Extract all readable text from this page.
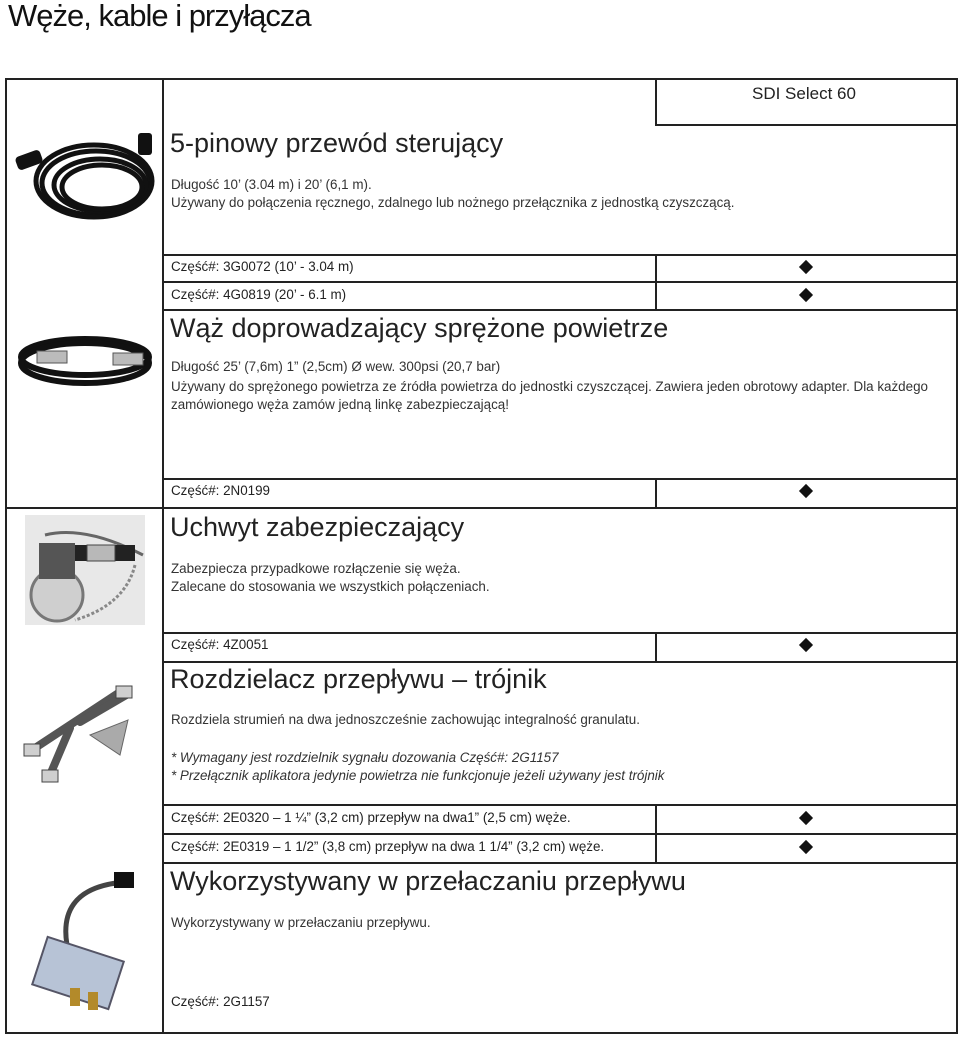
Węże, kable i przyłącza
SDI Select 60
5-pinowy przewód sterujący
Długość 10’ (3.04 m) i 20’ (6,1 m).
Używany do połączenia ręcznego, zdalnego lub nożnego przełącznika z jednostką czyszczącą.
Część#: 3G0072 (10’ - 3.04 m)
Część#: 4G0819 (20’ - 6.1 m)
Wąż doprowadzający sprężone powietrze
Długość 25’ (7,6m) 1” (2,5cm) Ø wew. 300psi (20,7 bar)
Używany do sprężonego powietrza ze źródła powietrza do jednostki czyszczącej. Zawiera jeden obrotowy adapter. Dla każdego zamówionego węża zamów jedną linkę zabezpieczającą!
Część#: 2N0199
Uchwyt zabezpieczający
Zabezpiecza przypadkowe rozłączenie się węża.
Zalecane do stosowania we wszystkich połączeniach.
Część#: 4Z0051
Rozdzielacz przepływu – trójnik
Rozdziela strumień na dwa jednoszcześnie zachowując integralność granulatu.
* Wymagany jest rozdzielnik sygnału dozowania Część#: 2G1157
* Przełącznik aplikatora jedynie powietrza nie funkcjonuje jeżeli używany jest trójnik
Część#: 2E0320 – 1 ¼” (3,2 cm) przepływ na dwa1” (2,5 cm) węże.
Część#: 2E0319 – 1 1/2” (3,8 cm) przepływ na dwa 1 1/4” (3,2 cm) węże.
Wykorzystywany w przełaczaniu przepływu
Wykorzystywany w przełaczaniu przepływu.
Część#: 2G1157
